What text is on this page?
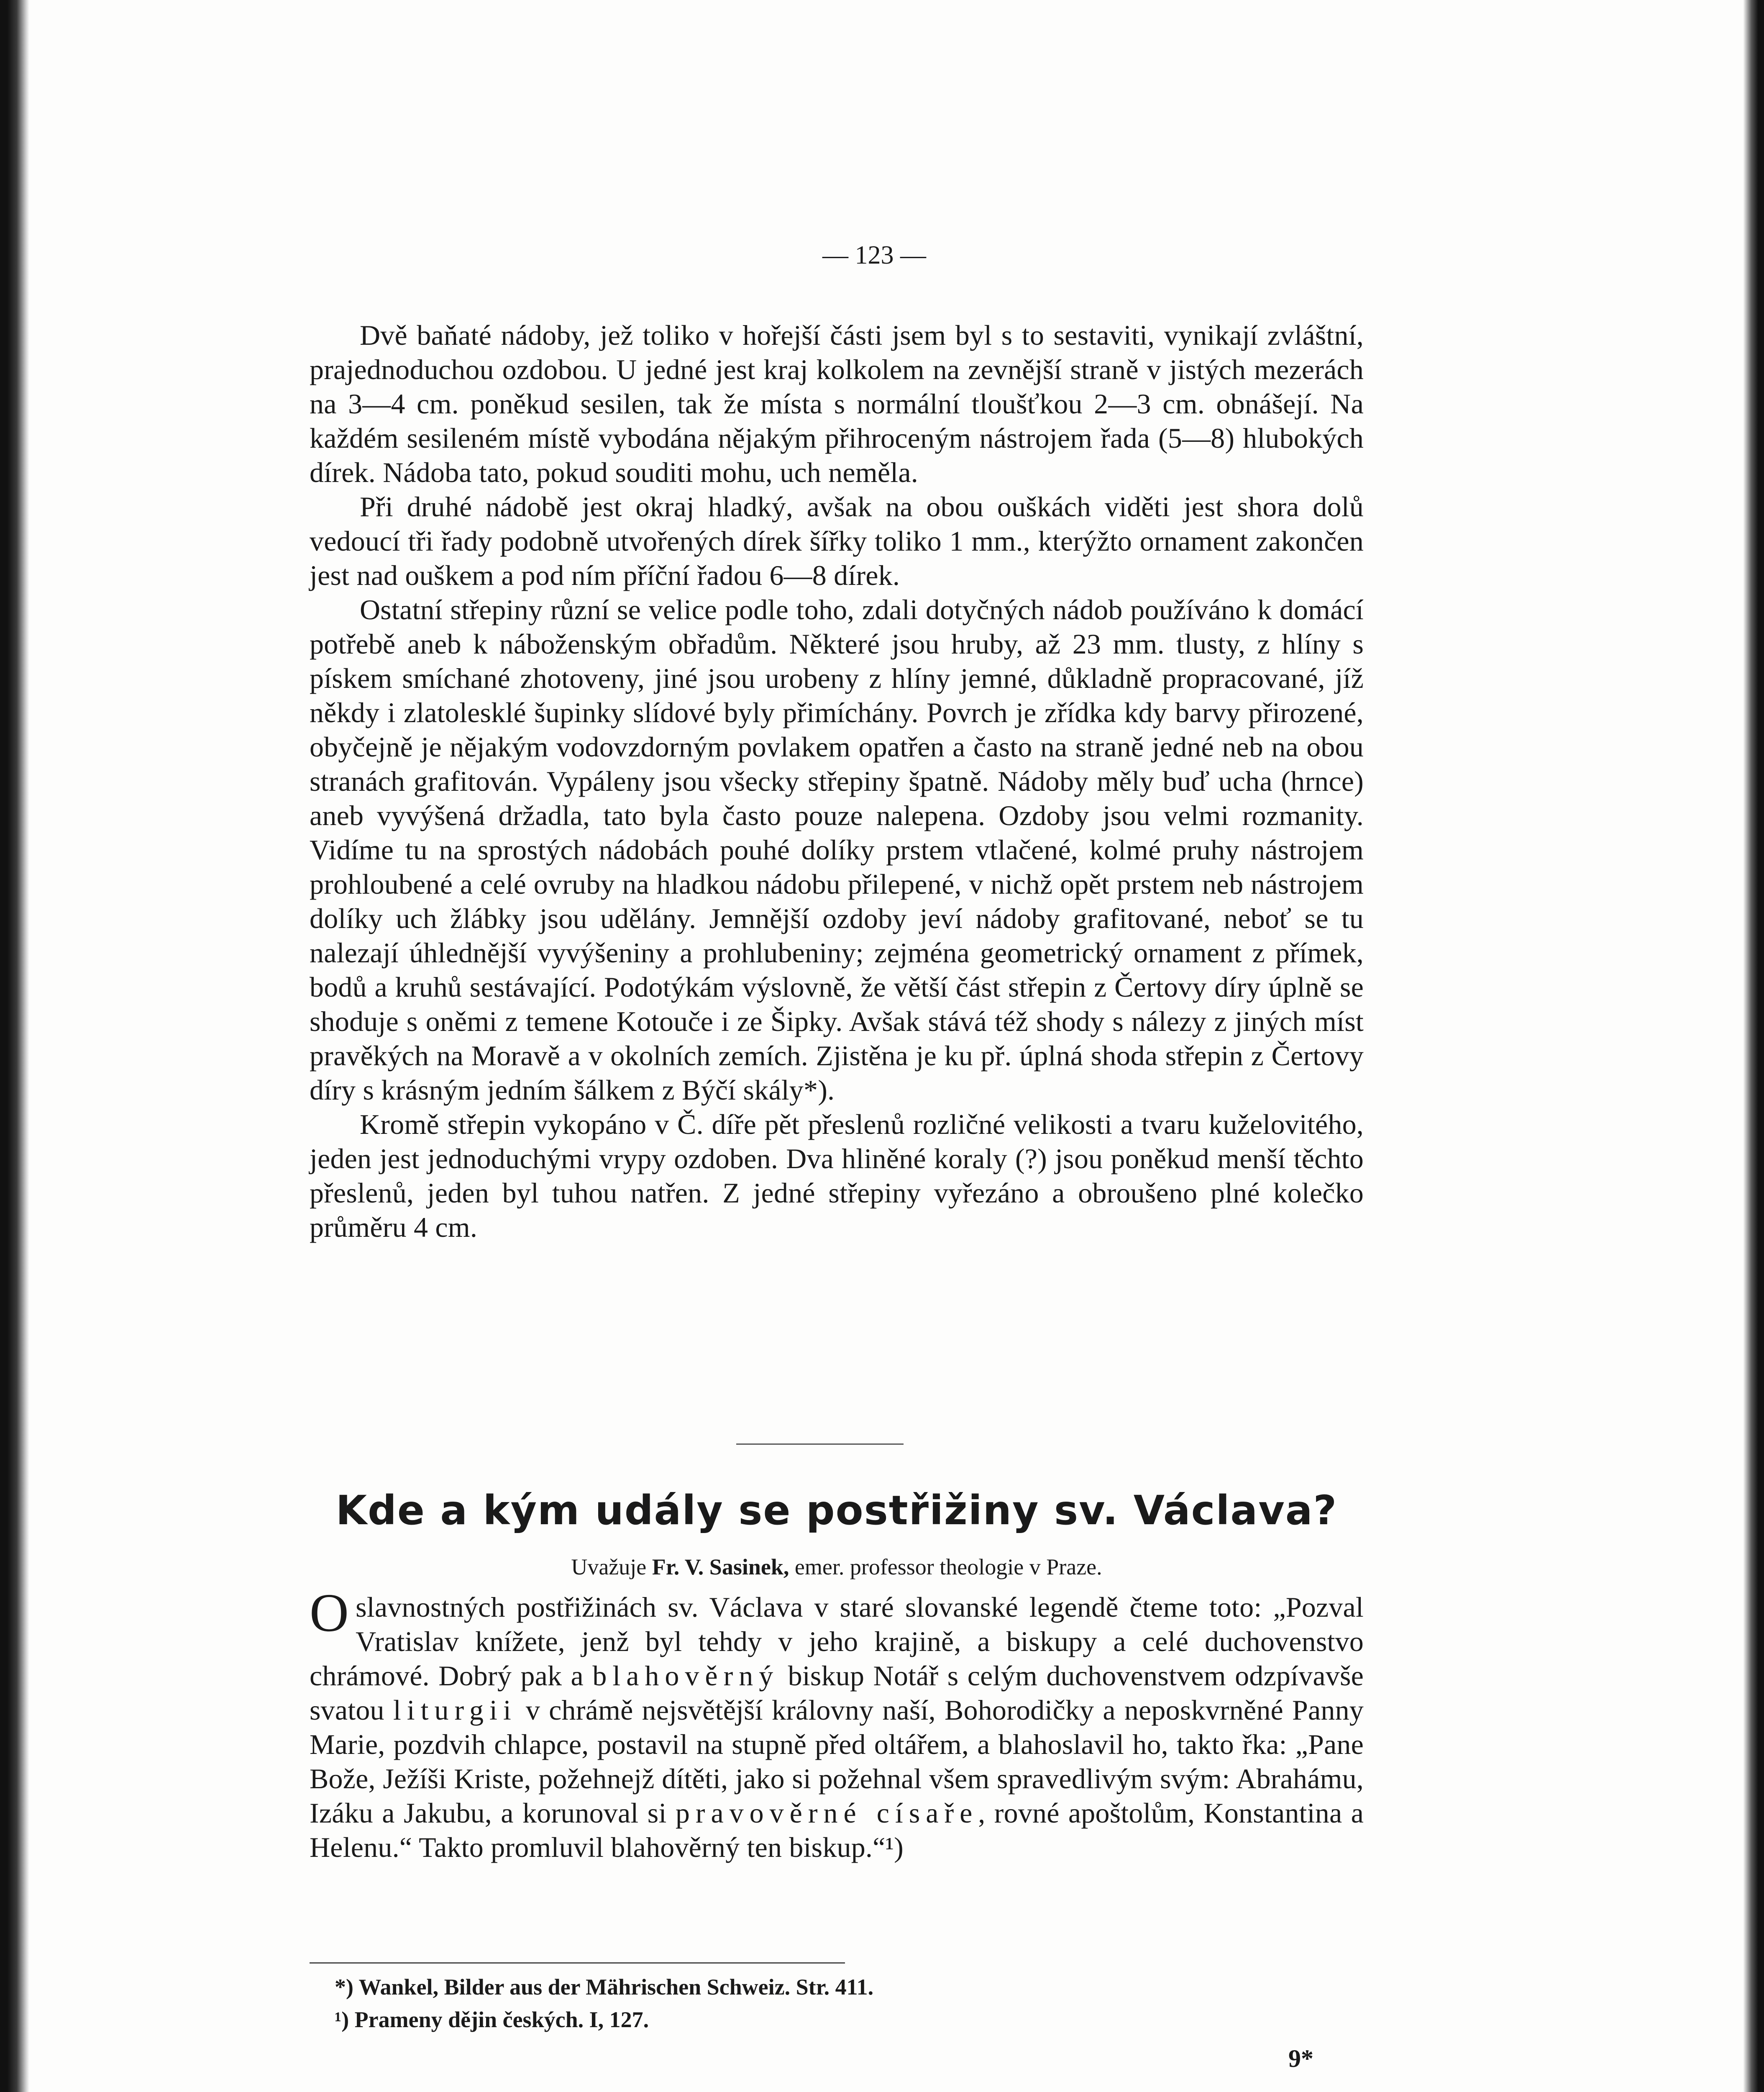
— 123 —

Dvě baňaté nádoby, jež toliko v hořejší části jsem byl s to sestaviti, vynikají zvláštní, prajednoduchou ozdobou. U jedné jest kraj kolkolem na zevnější straně v jistých mezerách na 3—4 cm. poněkud sesilen, tak že místa s normální tloušťkou 2—3 cm. obnášejí. Na každém sesileném místě vybodána nějakým přihroceným nástrojem řada (5—8) hlubokých dírek. Nádoba tato, pokud souditi mohu, uch neměla.

Při druhé nádobě jest okraj hladký, avšak na obou ouškách viděti jest shora dolů vedoucí tři řady podobně utvořených dírek šířky toliko 1 mm., kterýžto ornament zakončen jest nad ouškem a pod ním příční řadou 6—8 dírek.

Ostatní střepiny různí se velice podle toho, zdali dotyčných nádob používáno k domácí potřebě aneb k náboženským obřadům. Některé jsou hruby, až 23 mm. tlusty, z hlíny s pískem smíchané zhotoveny, jiné jsou urobeny z hlíny jemné, důkladně propracované, jíž někdy i zlatolesklé šupinky slídové byly přimíchány. Povrch je zřídka kdy barvy přirozené, obyčejně je nějakým vodovzdorným povlakem opatřen a často na straně jedné neb na obou stranách grafitován. Vypáleny jsou všecky střepiny špatně. Nádoby měly buď ucha (hrnce) aneb vyvýšená držadla, tato byla často pouze nalepena. Ozdoby jsou velmi rozmanity. Vidíme tu na sprostých nádobách pouhé dolíky prstem vtlačené, kolmé pruhy nástrojem prohloubené a celé ovruby na hladkou nádobu přilepené, v nichž opět prstem neb nástrojem dolíky uch žlábky jsou udělány. Jemnější ozdoby jeví nádoby grafitované, neboť se tu nalezají úhlednější vyvýšeniny a prohlubeniny; zejména geometrický ornament z přímek, bodů a kruhů sestávající. Podotýkám výslovně, že větší část střepin z Čertovy díry úplně se shoduje s oněmi z temene Kotouče i ze Šipky. Avšak stává též shody s nálezy z jiných míst pravěkých na Moravě a v okolních zemích. Zjistěna je ku př. úplná shoda střepin z Čertovy díry s krásným jedním šálkem z Býčí skály*).

Kromě střepin vykopáno v Č. díře pět přeslenů rozličné velikosti a tvaru kuželovitého, jeden jest jednoduchými vrypy ozdoben. Dva hliněné koraly (?) jsou poněkud menší těchto přeslenů, jeden byl tuhou natřen. Z jedné střepiny vyřezáno a obroušeno plné kolečko průměru 4 cm.

Kde a kým udály se postřižiny sv. Václava?
Uvažuje Fr. V. Sasinek, emer. professor theologie v Praze.

O slavnostných postřižinách sv. Václava v staré slovanské legendě čteme toto: „Pozval Vratislav knížete, jenž byl tehdy v jeho krajině, a biskupy a celé duchovenstvo chrámové. Dobrý pak a blahověrný biskup Notář s celým duchovenstvem odzpívavše svatou liturgii v chrámě nejsvětější královny naší, Bohorodičky a neposkvrněné Panny Marie, pozdvih chlapce, postavil na stupně před oltářem, a blahoslavil ho, takto řka: „Pane Bože, Ježíši Kriste, požehnejž dítěti, jako si požehnal všem spravedlivým svým: Abrahámu, Izáku a Jakubu, a korunoval si pravověrné císaře, rovné apoštolům, Konstantina a Helenu.“ Takto promluvil blahověrný ten biskup.“¹)

*) Wankel, Bilder aus der Mährischen Schweiz. Str. 411.
¹) Prameny dějin českých. I, 127.
9*
